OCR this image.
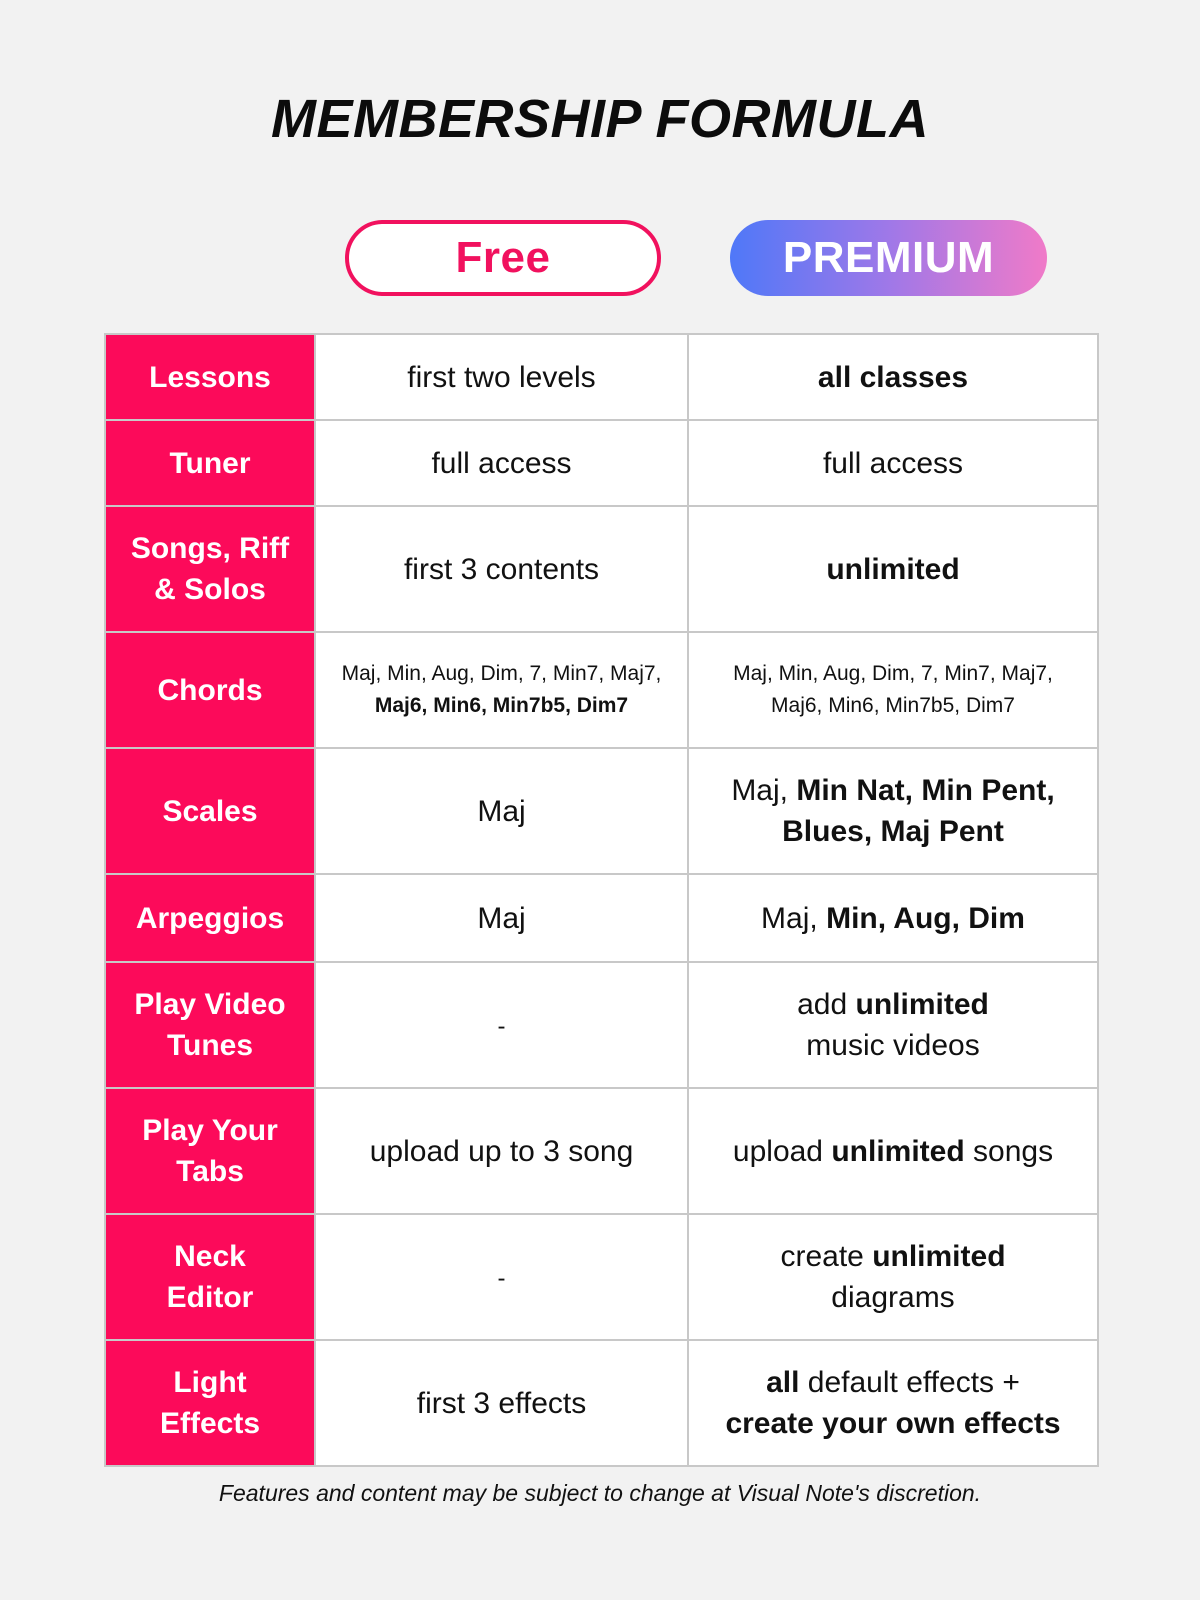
MEMBERSHIP FORMULA
Free	PREMIUM
Lessons	first two levels	all classes
Tuner	full access	full access
Songs, Riff
& Solos	first 3 contents	unlimited
Chords	Maj, Min, Aug, Dim, 7, Min7, Maj7,
Maj6, Min6, Min7b5, Dim7	Maj, Min, Aug, Dim, 7, Min7, Maj7,
Maj6, Min6, Min7b5, Dim7
Scales	Maj	Maj, Min Nat, Min Pent,
Blues, Maj Pent
Arpeggios	Maj	Maj, Min, Aug, Dim
Play Video
Tunes	-	add unlimited
music videos
Play Your
Tabs	upload up to 3 song	upload unlimited songs
Neck
Editor	-	create unlimited
diagrams
Light
Effects	first 3 effects	all default effects +
create your own effects
Features and content may be subject to change at Visual Note's discretion.
